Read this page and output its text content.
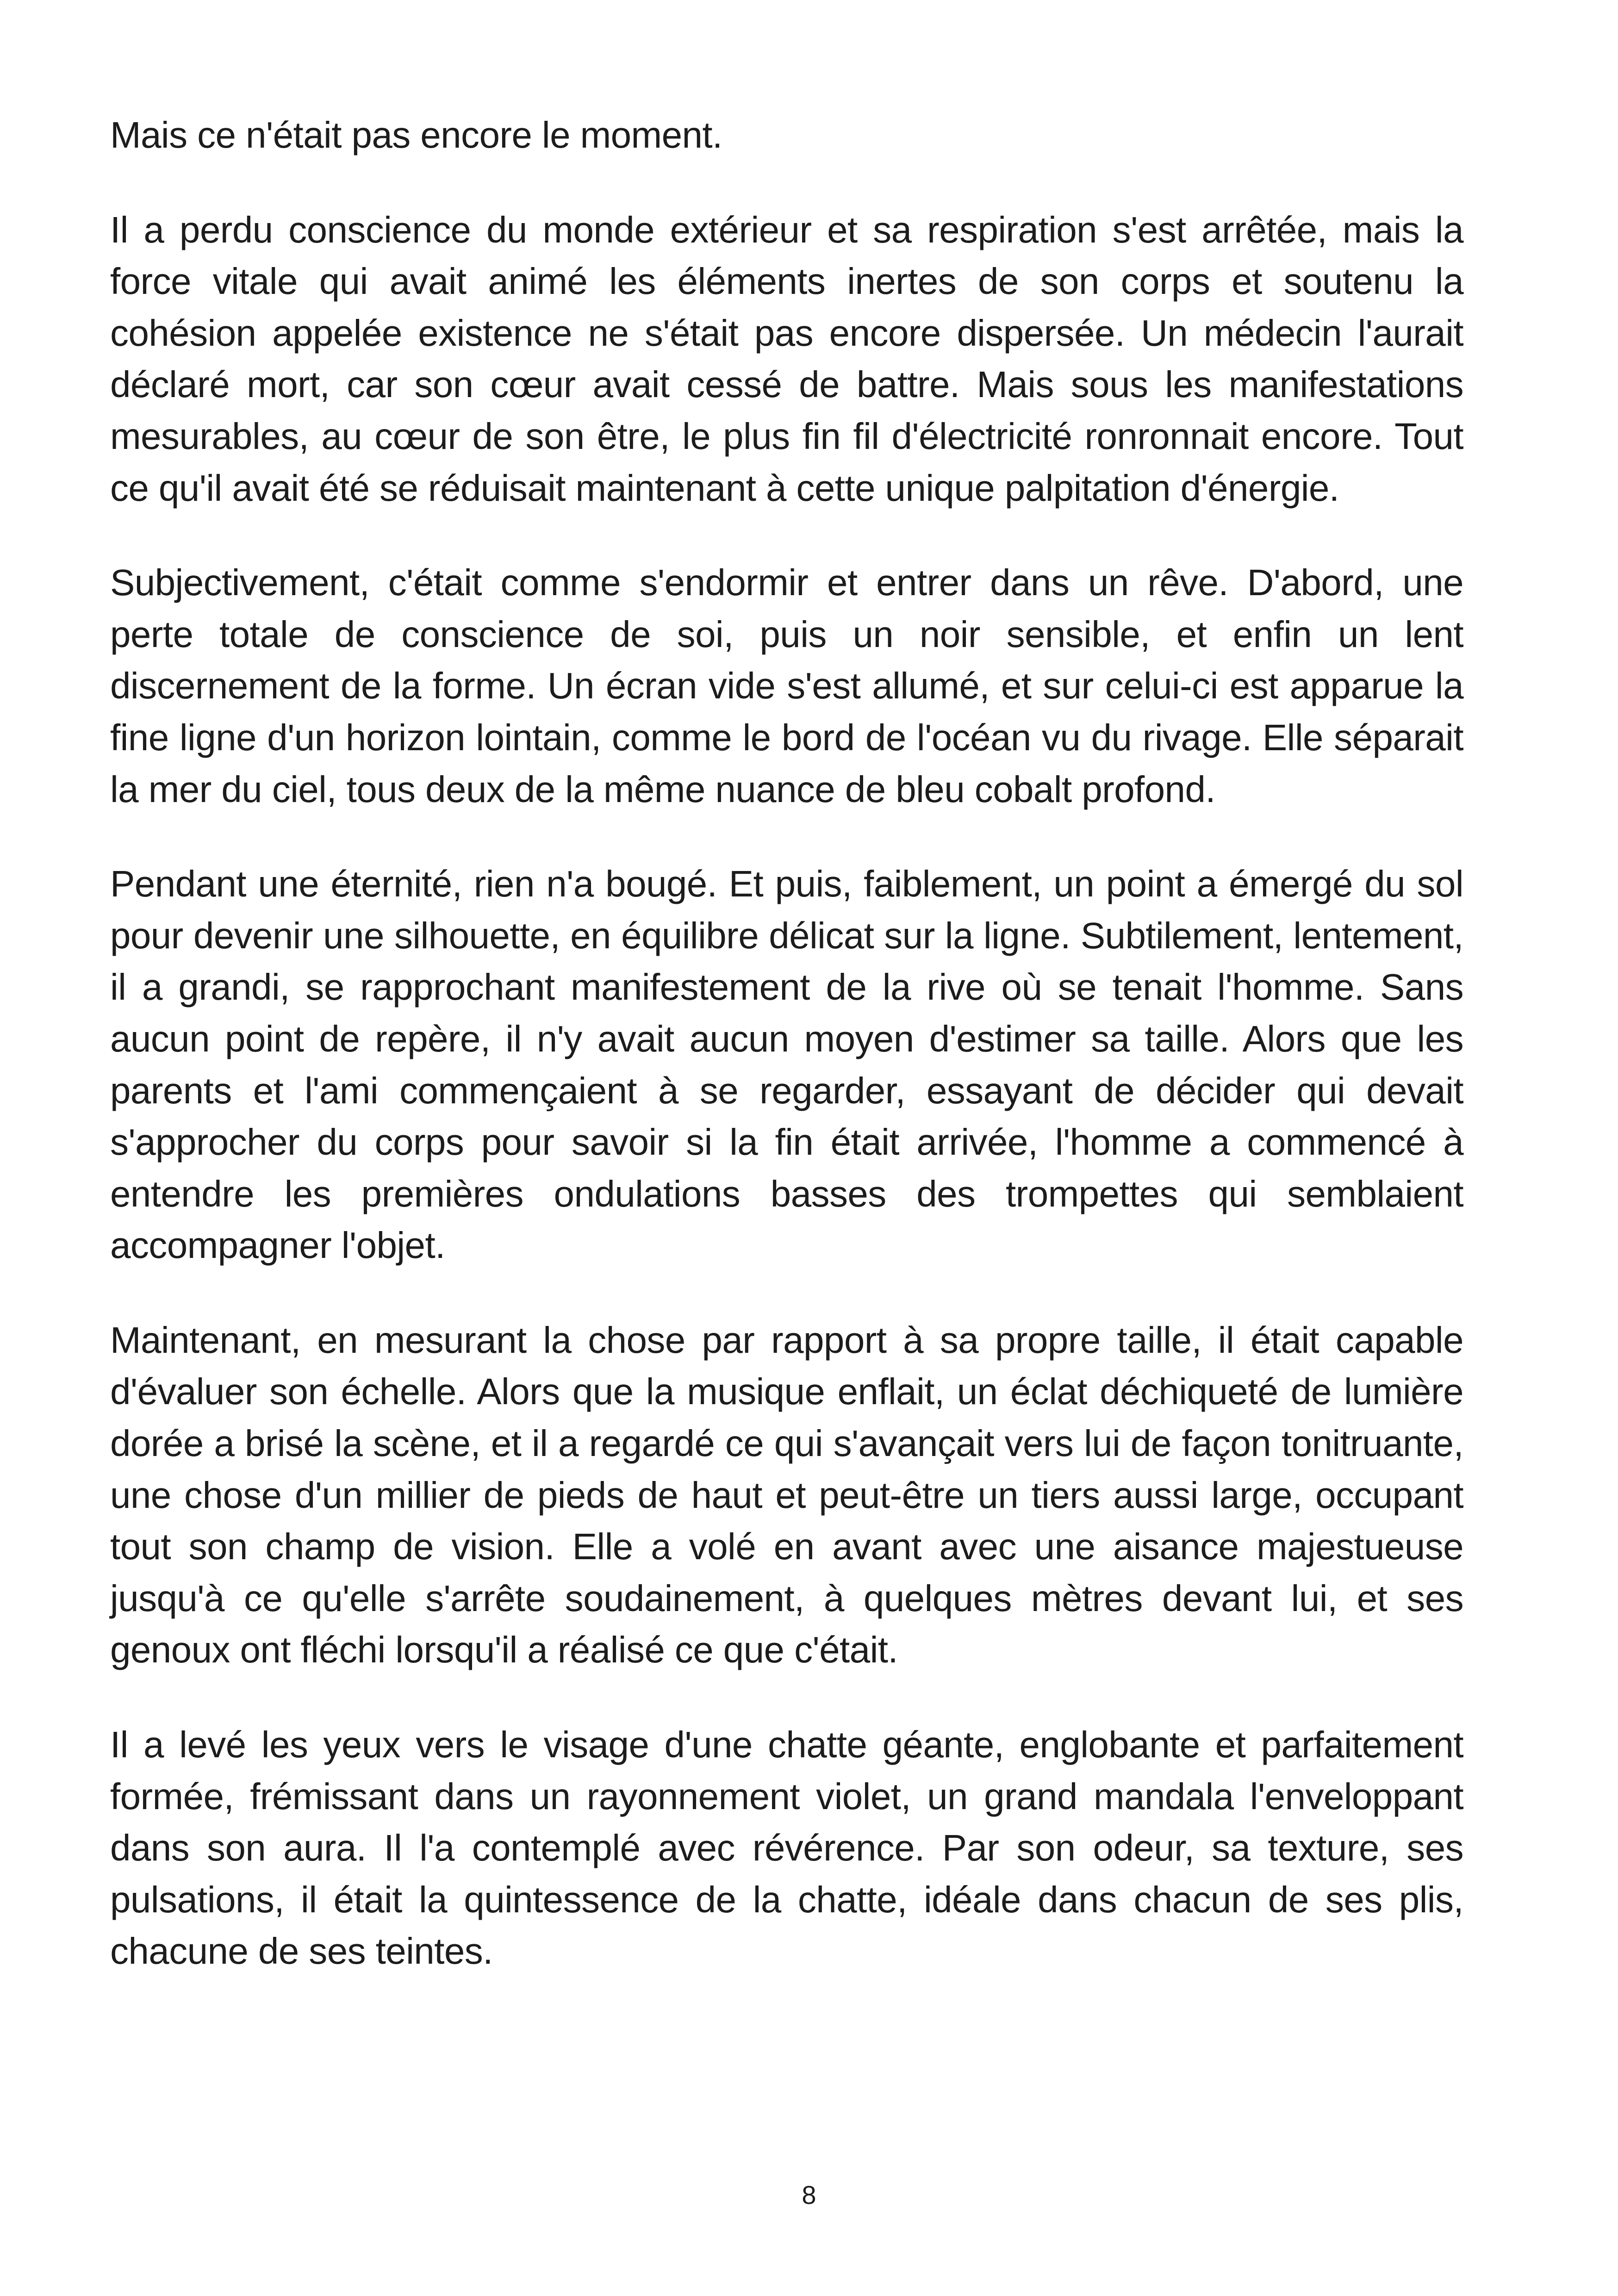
Mais ce n'était pas encore le moment.

Il a perdu conscience du monde extérieur et sa respiration s'est arrêtée, mais la force vitale qui avait animé les éléments inertes de son corps et soutenu la cohésion appelée existence ne s'était pas encore dispersée. Un médecin l'aurait déclaré mort, car son cœur avait cessé de battre. Mais sous les manifestations mesurables, au cœur de son être, le plus fin fil d'électricité ronronnait encore. Tout ce qu'il avait été se réduisait maintenant à cette unique palpitation d'énergie.

Subjectivement, c'était comme s'endormir et entrer dans un rêve. D'abord, une perte totale de conscience de soi, puis un noir sensible, et enfin un lent discernement de la forme. Un écran vide s'est allumé, et sur celui-ci est apparue la fine ligne d'un horizon lointain, comme le bord de l'océan vu du rivage. Elle séparait la mer du ciel, tous deux de la même nuance de bleu cobalt profond.

Pendant une éternité, rien n'a bougé. Et puis, faiblement, un point a émergé du sol pour devenir une silhouette, en équilibre délicat sur la ligne. Subtilement, lentement, il a grandi, se rapprochant manifestement de la rive où se tenait l'homme. Sans aucun point de repère, il n'y avait aucun moyen d'estimer sa taille. Alors que les parents et l'ami commençaient à se regarder, essayant de décider qui devait s'approcher du corps pour savoir si la fin était arrivée, l'homme a commencé à entendre les premières ondulations basses des trompettes qui semblaient accompagner l'objet.

Maintenant, en mesurant la chose par rapport à sa propre taille, il était capable d'évaluer son échelle. Alors que la musique enflait, un éclat déchiqueté de lumière dorée a brisé la scène, et il a regardé ce qui s'avançait vers lui de façon tonitruante, une chose d'un millier de pieds de haut et peut-être un tiers aussi large, occupant tout son champ de vision. Elle a volé en avant avec une aisance majestueuse jusqu'à ce qu'elle s'arrête soudainement, à quelques mètres devant lui, et ses genoux ont fléchi lorsqu'il a réalisé ce que c'était.

Il a levé les yeux vers le visage d'une chatte géante, englobante et parfaitement formée, frémissant dans un rayonnement violet, un grand mandala l'enveloppant dans son aura. Il l'a contemplé avec révérence. Par son odeur, sa texture, ses pulsations, il était la quintessence de la chatte, idéale dans chacun de ses plis, chacune de ses teintes.

8
